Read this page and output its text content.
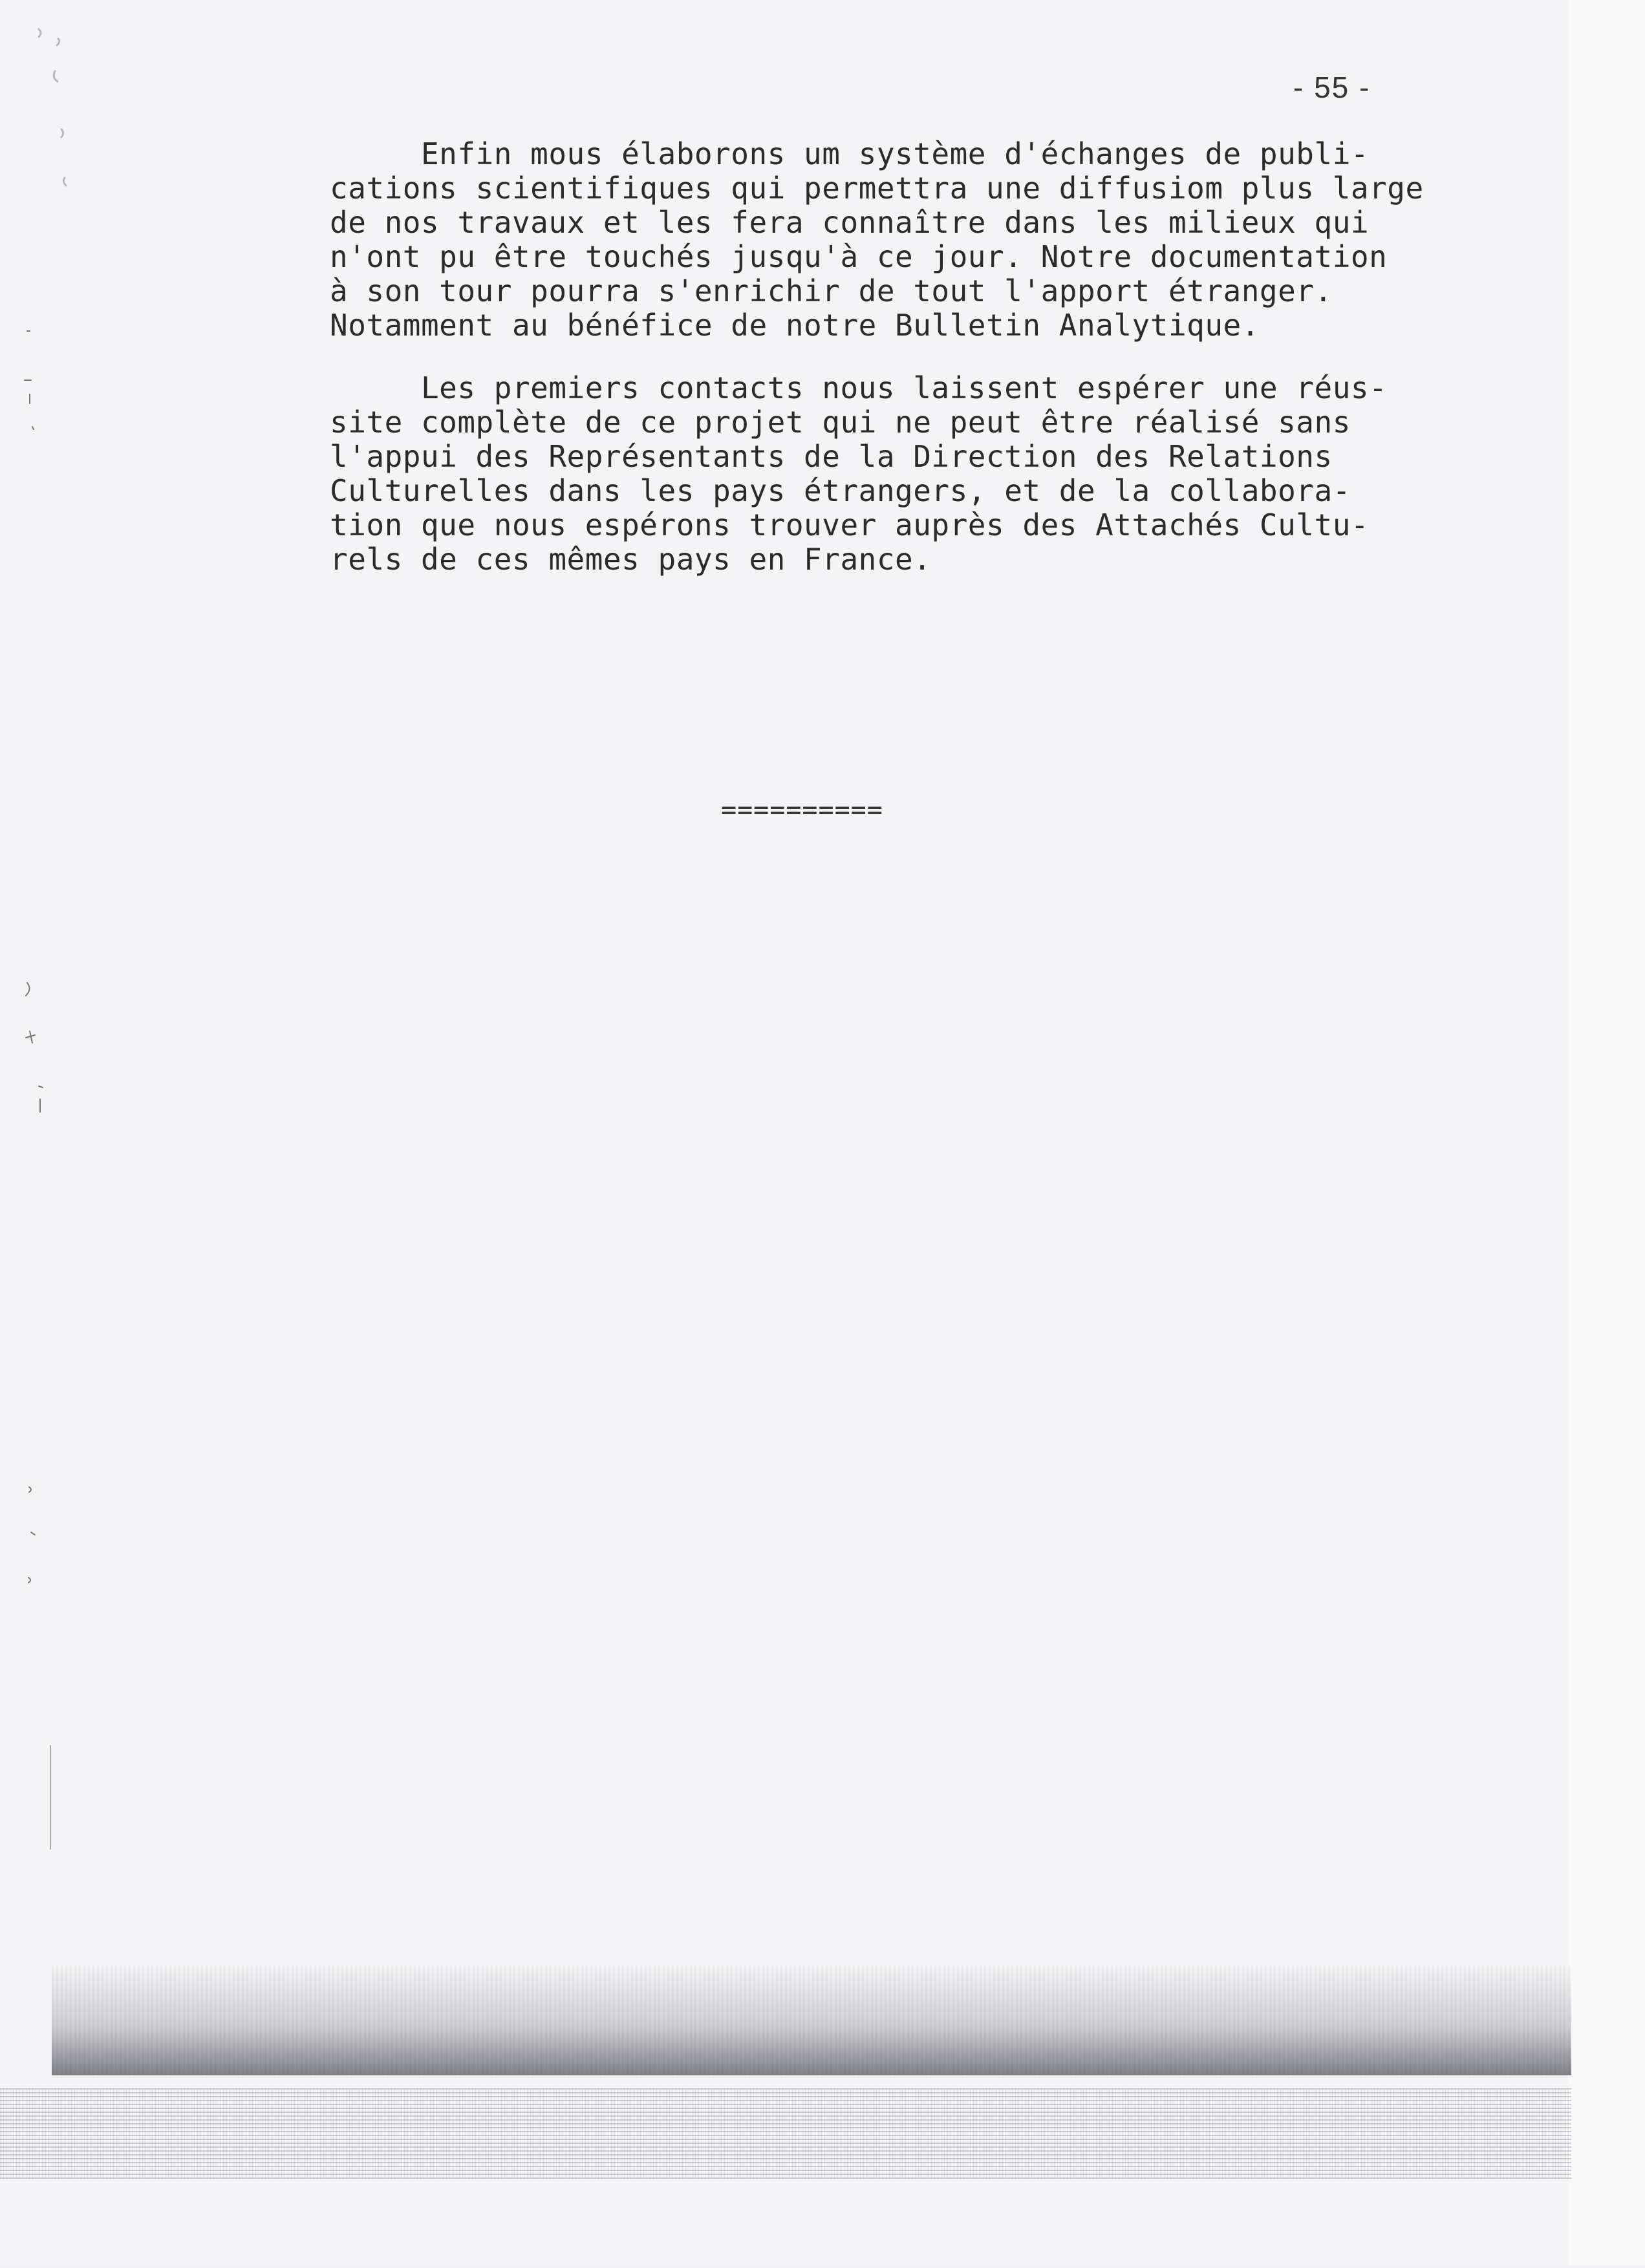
- 55 -
Enfin mous élaborons um système d'échanges de publi-
cations scientifiques qui permettra une diffusiom plus large
de nos travaux et les fera connaître dans les milieux qui
n'ont pu être touchés jusqu'à ce jour. Notre documentation
à son tour pourra s'enrichir de tout l'apport étranger.
Notamment au bénéfice de notre Bulletin Analytique.
Les premiers contacts nous laissent espérer une réus-
site complète de ce projet qui ne peut être réalisé sans
l'appui des Représentants de la Direction des Relations
Culturelles dans les pays étrangers, et de la collabora-
tion que nous espérons trouver auprès des Attachés Cultu-
rels de ces mêmes pays en France.
==========
